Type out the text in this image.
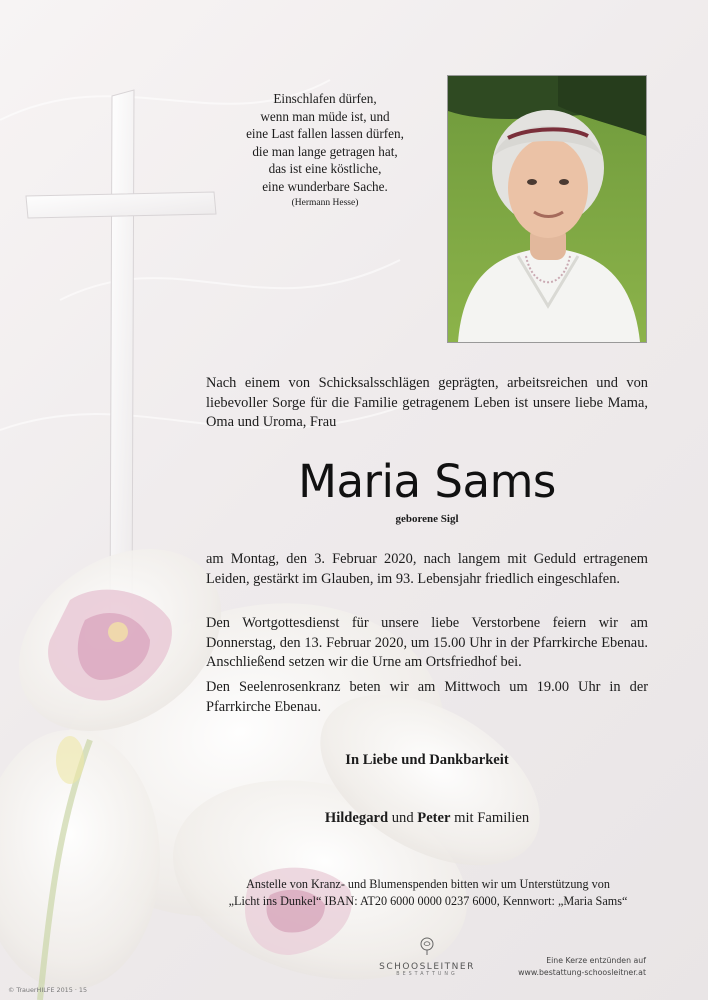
Einschlafen dürfen,
wenn man müde ist, und
eine Last fallen lassen dürfen,
die man lange getragen hat,
das ist eine köstliche,
eine wunderbare Sache.
(Hermann Hesse)
Nach einem von Schicksalsschlägen geprägten, arbeitsreichen und von liebevoller Sorge für die Familie getragenem Leben ist unsere liebe Mama, Oma und Uroma, Frau
Maria Sams
geborene Sigl
am Montag, den 3. Februar 2020, nach langem mit Geduld ertragenem Leiden, gestärkt im Glauben, im 93. Lebensjahr friedlich eingeschlafen.
Den Wortgottesdienst für unsere liebe Verstorbene feiern wir am Donnerstag, den 13. Februar 2020, um 15.00 Uhr in der Pfarrkirche Ebenau. Anschließend setzen wir die Urne am Ortsfriedhof bei.
Den Seelenrosenkranz beten wir am Mittwoch um 19.00 Uhr in der Pfarrkirche Ebenau.
In Liebe und Dankbarkeit
Hildegard und Peter mit Familien
Anstelle von Kranz- und Blumenspenden bitten wir um Unterstützung von
„Licht ins Dunkel“ IBAN: AT20 6000 0000 0237 6000, Kennwort: „Maria Sams“
SCHOOSLEITNER
BESTATTUNG
Eine Kerze entzünden auf
www.bestattung-schoosleitner.at
© TrauerHILFE 2015 · 15
